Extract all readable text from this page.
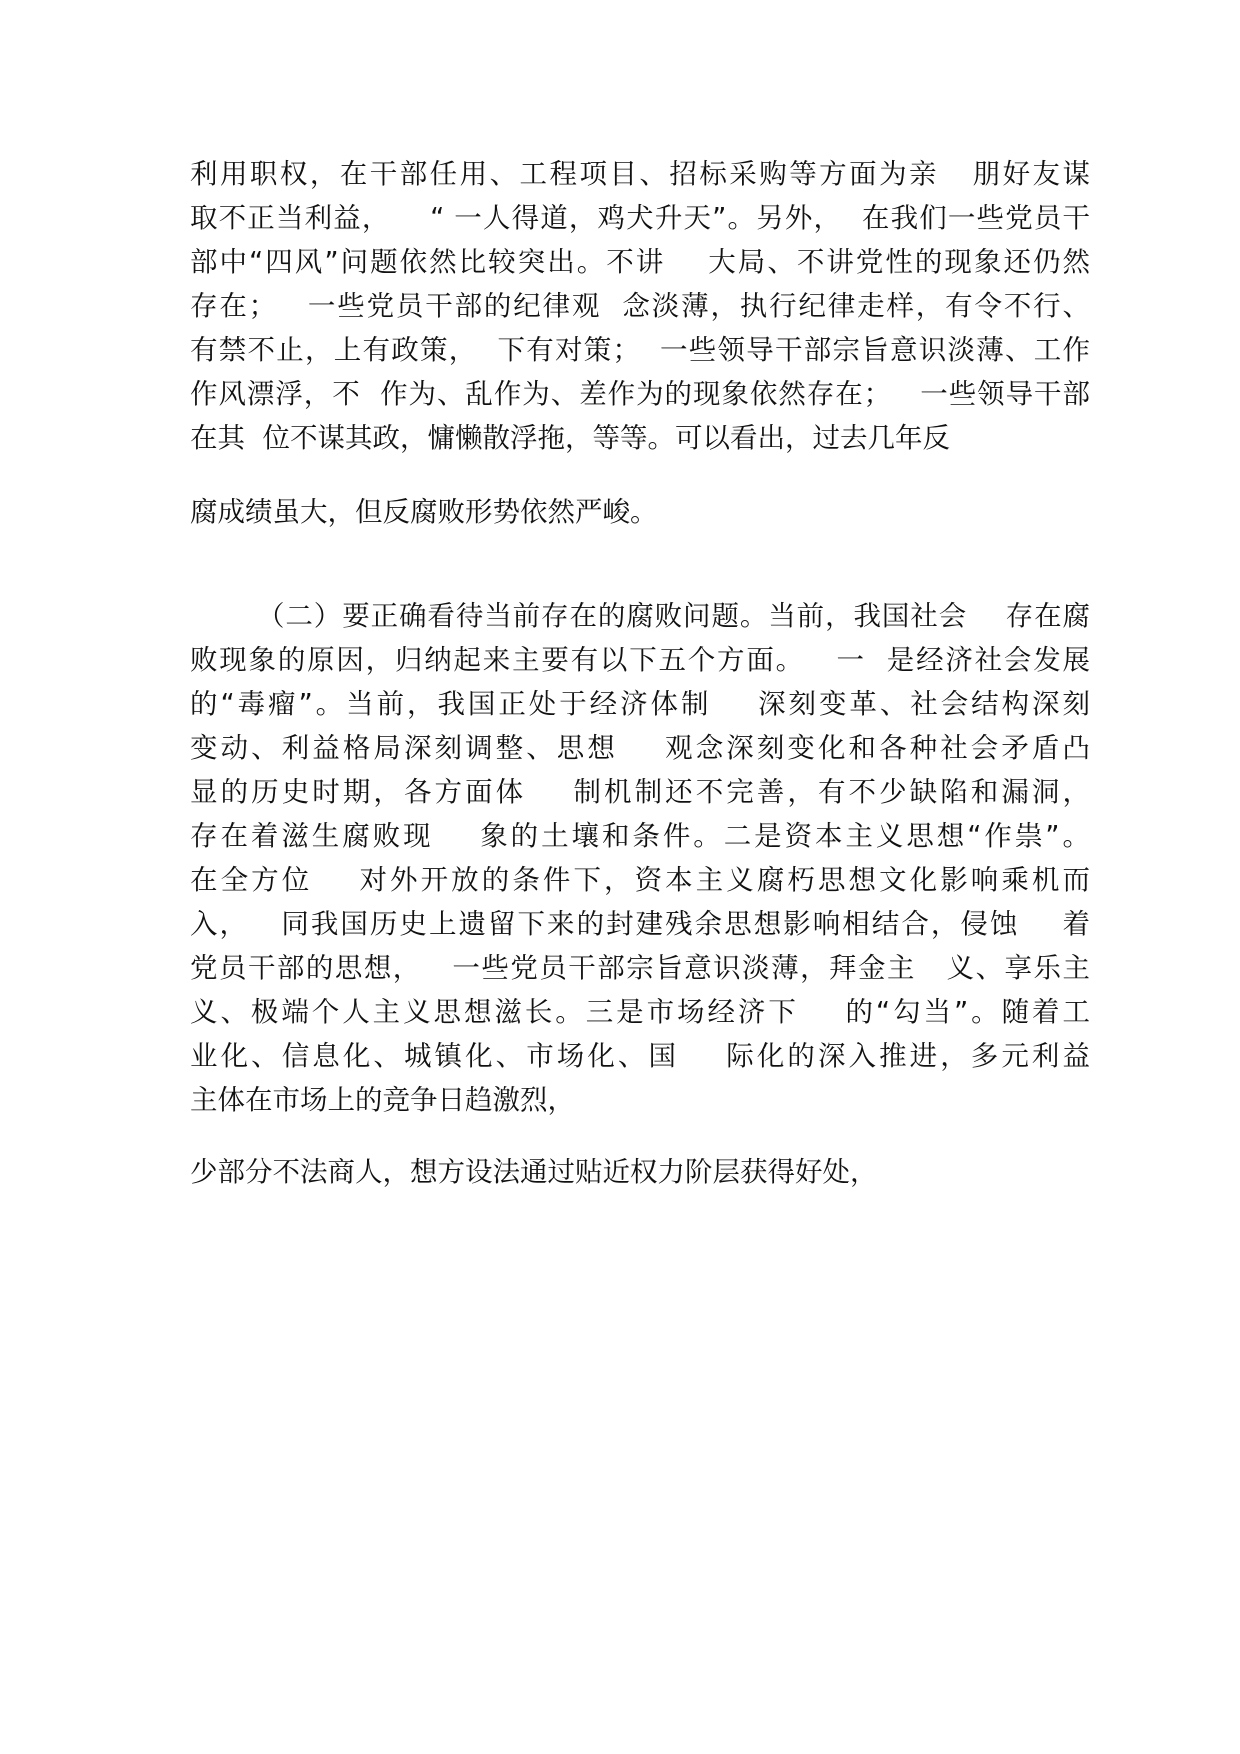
利用职权，在干部任用、工程项目、招标采购等方面为亲   朋好友谋
取不正当利益，    “ 一人得道，鸡犬升天”。另外，  在我们一些党员干
部中“四风”问题依然比较突出。不讲    大局、不讲党性的现象还仍然
存在；   一些党员干部的纪律观  念淡薄，执行纪律走样，有令不行、
有禁不止，上有政策，  下有对策；  一些领导干部宗旨意识淡薄、工作
作风漂浮，不  作为、乱作为、差作为的现象依然存在；   一些领导干部
在其  位不谋其政，慵懒散浮拖，等等。可以看出，过去几年反
腐成绩虽大，但反腐败形势依然严峻。
（二）要正确看待当前存在的腐败问题。当前，我国社会    存在腐
败现象的原因，归纳起来主要有以下五个方面。   一  是经济社会发展
的“毒瘤”。当前，我国正处于经济体制    深刻变革、社会结构深刻
变动、利益格局深刻调整、思想    观念深刻变化和各种社会矛盾凸
显的历史时期，各方面体    制机制还不完善，有不少缺陷和漏洞，
存在着滋生腐败现    象的土壤和条件。二是资本主义思想“作祟”。
在全方位    对外开放的条件下，资本主义腐朽思想文化影响乘机而
入，   同我国历史上遗留下来的封建残余思想影响相结合，侵蚀    着
党员干部的思想，   一些党员干部宗旨意识淡薄，拜金主   义、享乐主
义、极端个人主义思想滋长。三是市场经济下    的“勾当”。随着工
业化、信息化、城镇化、市场化、国    际化的深入推进，多元利益
主体在市场上的竞争日趋激烈，
少部分不法商人，想方设法通过贴近权力阶层获得好处，
